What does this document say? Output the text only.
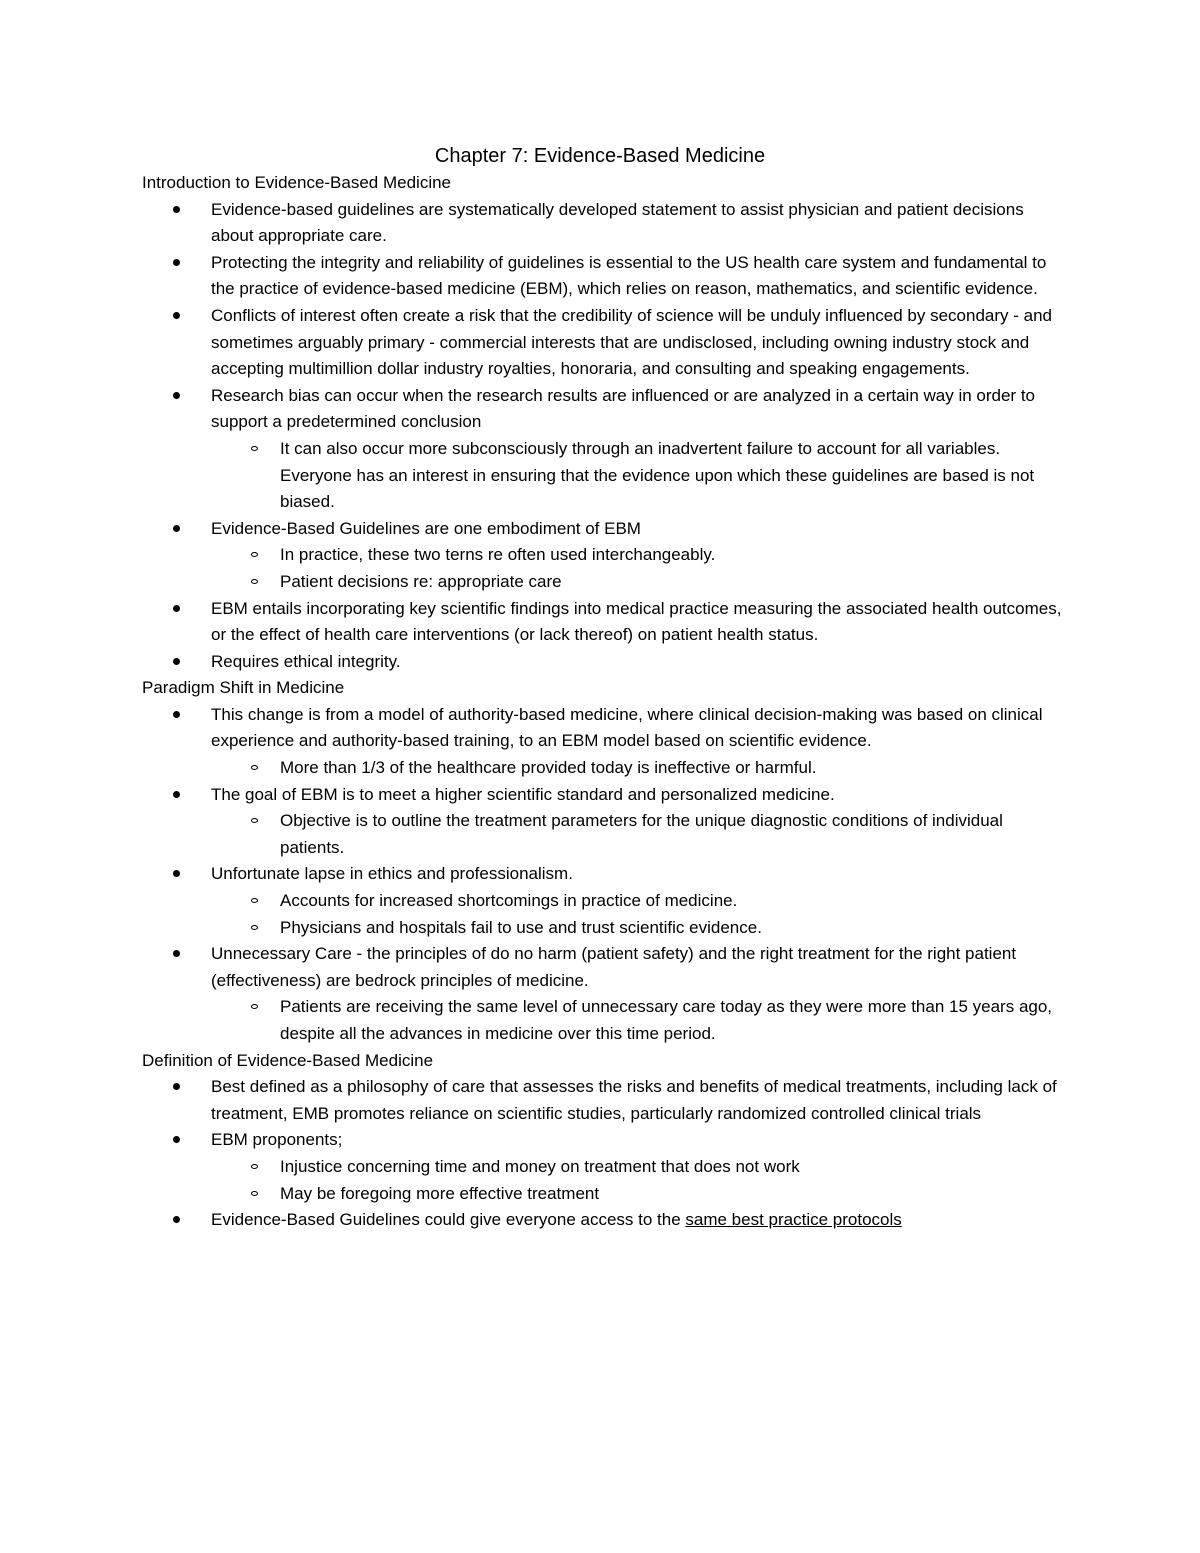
Chapter 7: Evidence-Based Medicine
Introduction to Evidence-Based Medicine
Evidence-based guidelines are systematically developed statement to assist physician and patient decisions about appropriate care.
Protecting the integrity and reliability of guidelines is essential to the US health care system and fundamental to the practice of evidence-based medicine (EBM), which relies on reason, mathematics, and scientific evidence.
Conflicts of interest often create a risk that the credibility of science will be unduly influenced by secondary - and sometimes arguably primary - commercial interests that are undisclosed, including owning industry stock and accepting multimillion dollar industry royalties, honoraria, and consulting and speaking engagements.
Research bias can occur when the research results are influenced or are analyzed in a certain way in order to support a predetermined conclusion
It can also occur more subconsciously through an inadvertent failure to account for all variables. Everyone has an interest in ensuring that the evidence upon which these guidelines are based is not biased.
Evidence-Based Guidelines are one embodiment of EBM
In practice, these two terns re often used interchangeably.
Patient decisions re: appropriate care
EBM entails incorporating key scientific findings into medical practice measuring the associated health outcomes, or the effect of health care interventions (or lack thereof) on patient health status.
Requires ethical integrity.
Paradigm Shift in Medicine
This change is from a model of authority-based medicine, where clinical decision-making was based on clinical experience and authority-based training, to an EBM model based on scientific evidence.
More than 1/3 of the healthcare provided today is ineffective or harmful.
The goal of EBM is to meet a higher scientific standard and personalized medicine.
Objective is to outline the treatment parameters for the unique diagnostic conditions of individual patients.
Unfortunate lapse in ethics and professionalism.
Accounts for increased shortcomings in practice of medicine.
Physicians and hospitals fail to use and trust scientific evidence.
Unnecessary Care - the principles of do no harm (patient safety) and the right treatment for the right patient (effectiveness) are bedrock principles of medicine.
Patients are receiving the same level of unnecessary care today as they were more than 15 years ago, despite all the advances in medicine over this time period.
Definition of Evidence-Based Medicine
Best defined as a philosophy of care that assesses the risks and benefits of medical treatments, including lack of treatment, EMB promotes reliance on scientific studies, particularly randomized controlled clinical trials
EBM proponents;
Injustice concerning time and money on treatment that does not work
May be foregoing more effective treatment
Evidence-Based Guidelines could give everyone access to the same best practice protocols
